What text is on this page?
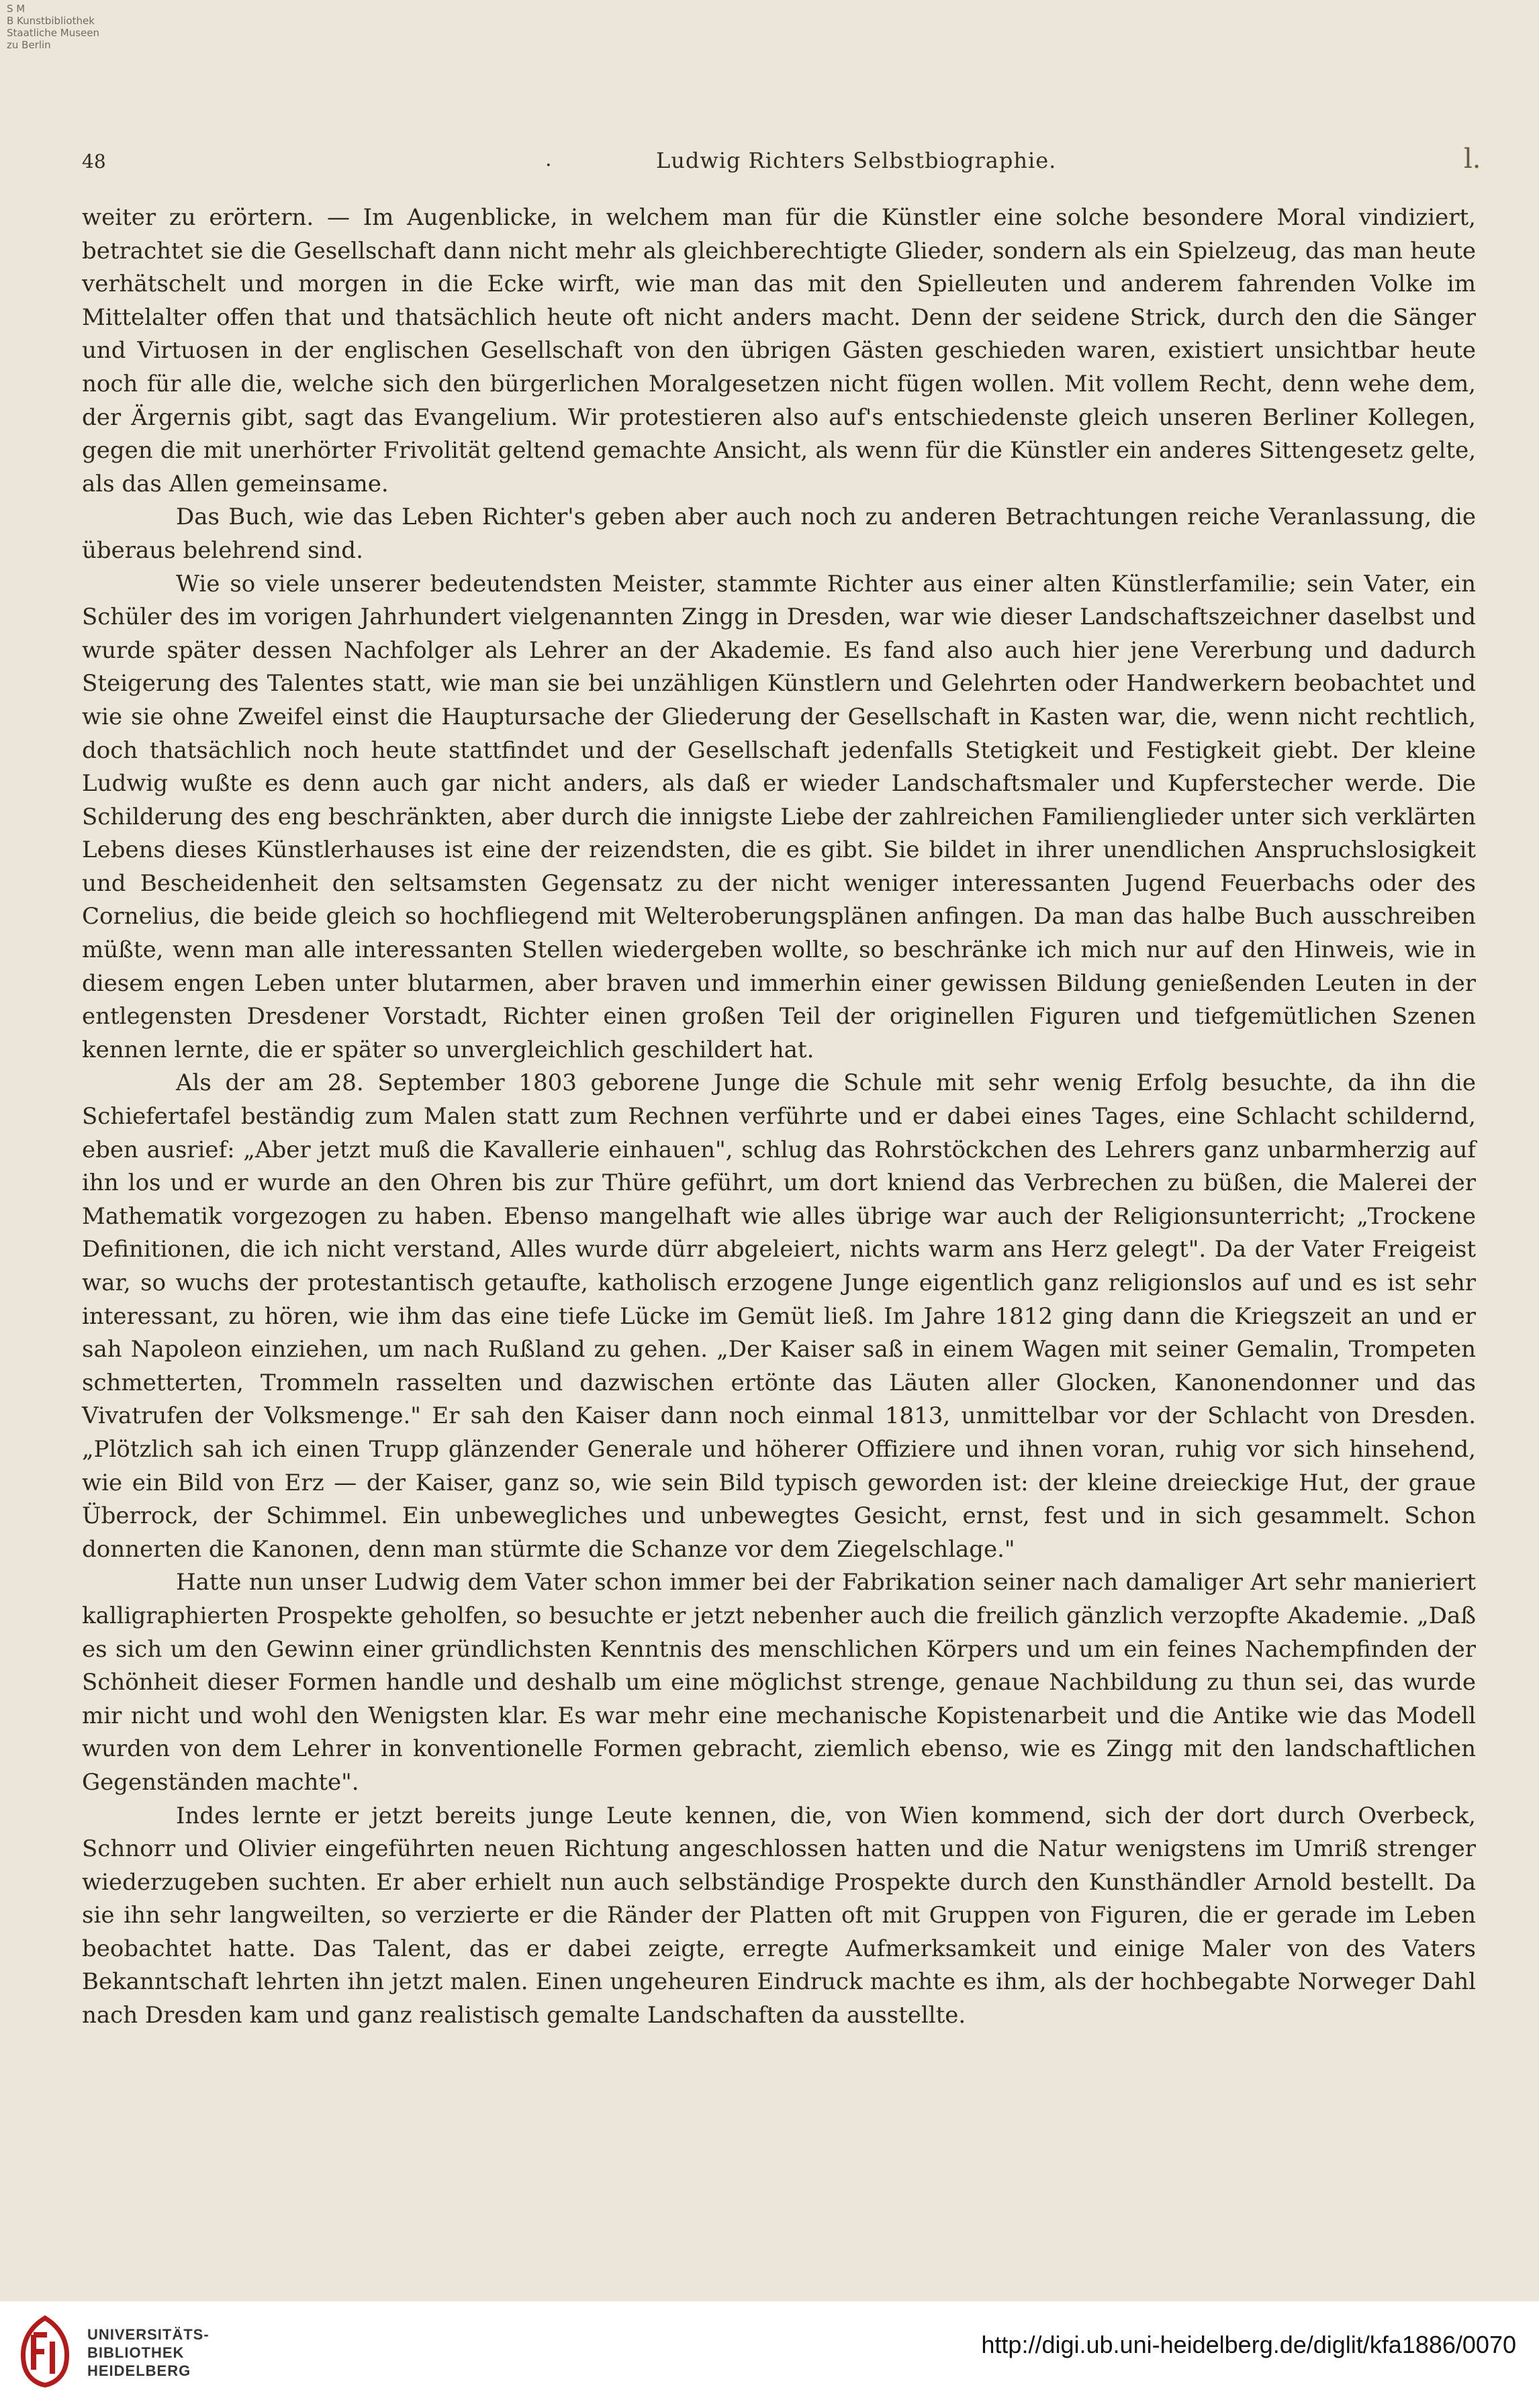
S M
B Kunstbibliothek
Staatliche Museen
zu Berlin
48	.	Ludwig Richters Selbstbiographie.	l.

weiter zu erörtern. — Im Augenblicke, in welchem man für die Künstler eine solche besondere Moral vindiziert, betrachtet sie die Gesellschaft dann nicht mehr als gleichberechtigte Glieder, sondern als ein Spielzeug, das man heute verhätschelt und morgen in die Ecke wirft, wie man das mit den Spielleuten und anderem fahrenden Volke im Mittelalter offen that und thatsächlich heute oft nicht anders macht. Denn der seidene Strick, durch den die Sänger und Virtuosen in der englischen Gesellschaft von den übrigen Gästen geschieden waren, existiert unsichtbar heute noch für alle die, welche sich den bürgerlichen Moralgesetzen nicht fügen wollen. Mit vollem Recht, denn wehe dem, der Ärgernis gibt, sagt das Evangelium. Wir protestieren also auf's entschiedenste gleich unseren Berliner Kollegen, gegen die mit unerhörter Frivolität geltend gemachte Ansicht, als wenn für die Künstler ein anderes Sittengesetz gelte, als das Allen gemeinsame.

Das Buch, wie das Leben Richter's geben aber auch noch zu anderen Betrachtungen reiche Veranlassung, die überaus belehrend sind.

Wie so viele unserer bedeutendsten Meister, stammte Richter aus einer alten Künstlerfamilie; sein Vater, ein Schüler des im vorigen Jahrhundert vielgenannten Zingg in Dresden, war wie dieser Landschaftszeichner daselbst und wurde später dessen Nachfolger als Lehrer an der Akademie. Es fand also auch hier jene Vererbung und dadurch Steigerung des Talentes statt, wie man sie bei unzähligen Künstlern und Gelehrten oder Handwerkern beobachtet und wie sie ohne Zweifel einst die Hauptursache der Gliederung der Gesellschaft in Kasten war, die, wenn nicht rechtlich, doch thatsächlich noch heute stattfindet und der Gesellschaft jedenfalls Stetigkeit und Festigkeit giebt. Der kleine Ludwig wußte es denn auch gar nicht anders, als daß er wieder Landschaftsmaler und Kupferstecher werde. Die Schilderung des eng beschränkten, aber durch die innigste Liebe der zahlreichen Familienglieder unter sich verklärten Lebens dieses Künstlerhauses ist eine der reizendsten, die es gibt. Sie bildet in ihrer unendlichen Anspruchslosigkeit und Bescheidenheit den seltsamsten Gegensatz zu der nicht weniger interessanten Jugend Feuerbachs oder des Cornelius, die beide gleich so hochfliegend mit Welteroberungsplänen anfingen. Da man das halbe Buch ausschreiben müßte, wenn man alle interessanten Stellen wiedergeben wollte, so beschränke ich mich nur auf den Hinweis, wie in diesem engen Leben unter blutarmen, aber braven und immerhin einer gewissen Bildung genießenden Leuten in der entlegensten Dresdener Vorstadt, Richter einen großen Teil der originellen Figuren und tiefgemütlichen Szenen kennen lernte, die er später so unvergleichlich geschildert hat.

Als der am 28. September 1803 geborene Junge die Schule mit sehr wenig Erfolg besuchte, da ihn die Schiefertafel beständig zum Malen statt zum Rechnen verführte und er dabei eines Tages, eine Schlacht schildernd, eben ausrief: „Aber jetzt muß die Kavallerie einhauen", schlug das Rohrstöckchen des Lehrers ganz unbarmherzig auf ihn los und er wurde an den Ohren bis zur Thüre geführt, um dort kniend das Verbrechen zu büßen, die Malerei der Mathematik vorgezogen zu haben. Ebenso mangelhaft wie alles übrige war auch der Religionsunterricht; „Trockene Definitionen, die ich nicht verstand, Alles wurde dürr abgeleiert, nichts warm ans Herz gelegt". Da der Vater Freigeist war, so wuchs der protestantisch getaufte, katholisch erzogene Junge eigentlich ganz religionslos auf und es ist sehr interessant, zu hören, wie ihm das eine tiefe Lücke im Gemüt ließ. Im Jahre 1812 ging dann die Kriegszeit an und er sah Napoleon einziehen, um nach Rußland zu gehen. „Der Kaiser saß in einem Wagen mit seiner Gemalin, Trompeten schmetterten, Trommeln rasselten und dazwischen ertönte das Läuten aller Glocken, Kanonendonner und das Vivatrufen der Volksmenge." Er sah den Kaiser dann noch einmal 1813, unmittelbar vor der Schlacht von Dresden. „Plötzlich sah ich einen Trupp glänzender Generale und höherer Offiziere und ihnen voran, ruhig vor sich hinsehend, wie ein Bild von Erz — der Kaiser, ganz so, wie sein Bild typisch geworden ist: der kleine dreieckige Hut, der graue Überrock, der Schimmel. Ein unbewegliches und unbewegtes Gesicht, ernst, fest und in sich gesammelt. Schon donnerten die Kanonen, denn man stürmte die Schanze vor dem Ziegelschlage."

Hatte nun unser Ludwig dem Vater schon immer bei der Fabrikation seiner nach damaliger Art sehr manieriert kalligraphierten Prospekte geholfen, so besuchte er jetzt nebenher auch die freilich gänzlich verzopfte Akademie. „Daß es sich um den Gewinn einer gründlichsten Kenntnis des menschlichen Körpers und um ein feines Nachempfinden der Schönheit dieser Formen handle und deshalb um eine möglichst strenge, genaue Nachbildung zu thun sei, das wurde mir nicht und wohl den Wenigsten klar. Es war mehr eine mechanische Kopistenarbeit und die Antike wie das Modell wurden von dem Lehrer in konventionelle Formen gebracht, ziemlich ebenso, wie es Zingg mit den landschaftlichen Gegenständen machte".

Indes lernte er jetzt bereits junge Leute kennen, die, von Wien kommend, sich der dort durch Overbeck, Schnorr und Olivier eingeführten neuen Richtung angeschlossen hatten und die Natur wenigstens im Umriß strenger wiederzugeben suchten. Er aber erhielt nun auch selbständige Prospekte durch den Kunsthändler Arnold bestellt. Da sie ihn sehr langweilten, so verzierte er die Ränder der Platten oft mit Gruppen von Figuren, die er gerade im Leben beobachtet hatte. Das Talent, das er dabei zeigte, erregte Aufmerksamkeit und einige Maler von des Vaters Bekanntschaft lehrten ihn jetzt malen. Einen ungeheuren Eindruck machte es ihm, als der hochbegabte Norweger Dahl nach Dresden kam und ganz realistisch gemalte Landschaften da ausstellte.

UNIVERSITÄTS-
BIBLIOTHEK
HEIDELBERG
http://digi.ub.uni-heidelberg.de/diglit/kfa1886/0070
